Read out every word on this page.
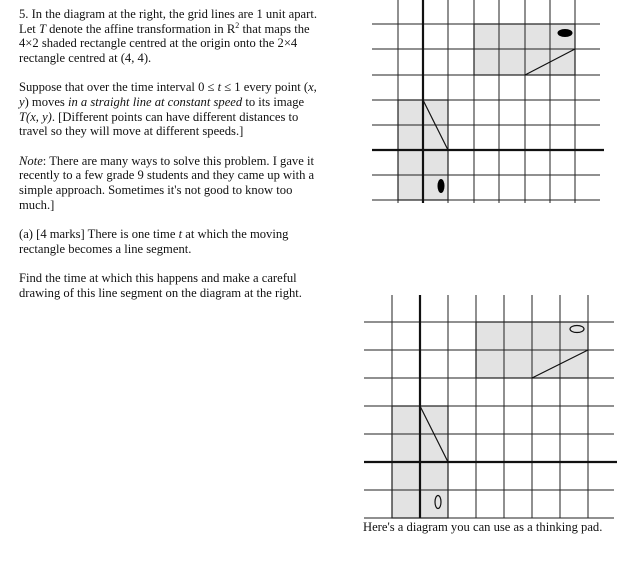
5. In the diagram at the right, the grid lines are 1 unit apart. Let T denote the affine transformation in $R^2$ that maps the 4×2 shaded rectangle centred at the origin onto the 2×4 rectangle centred at (4, 4).

Suppose that over the time interval 0 ≤ t ≤ 1 every point (x, y) moves in a straight line at constant speed to its image T(x, y). [Different points can have different distances to travel so they will move at different speeds.]

Note: There are many ways to solve this problem. I gave it recently to a few grade 9 students and they came up with a simple approach. Sometimes it's not good to know too much.]

(a) [4 marks] There is one time t at which the moving rectangle becomes a line segment.

Find the time at which this happens and make a careful drawing of this line segment on the diagram at the right.

Here's a diagram you can use as a thinking pad.
